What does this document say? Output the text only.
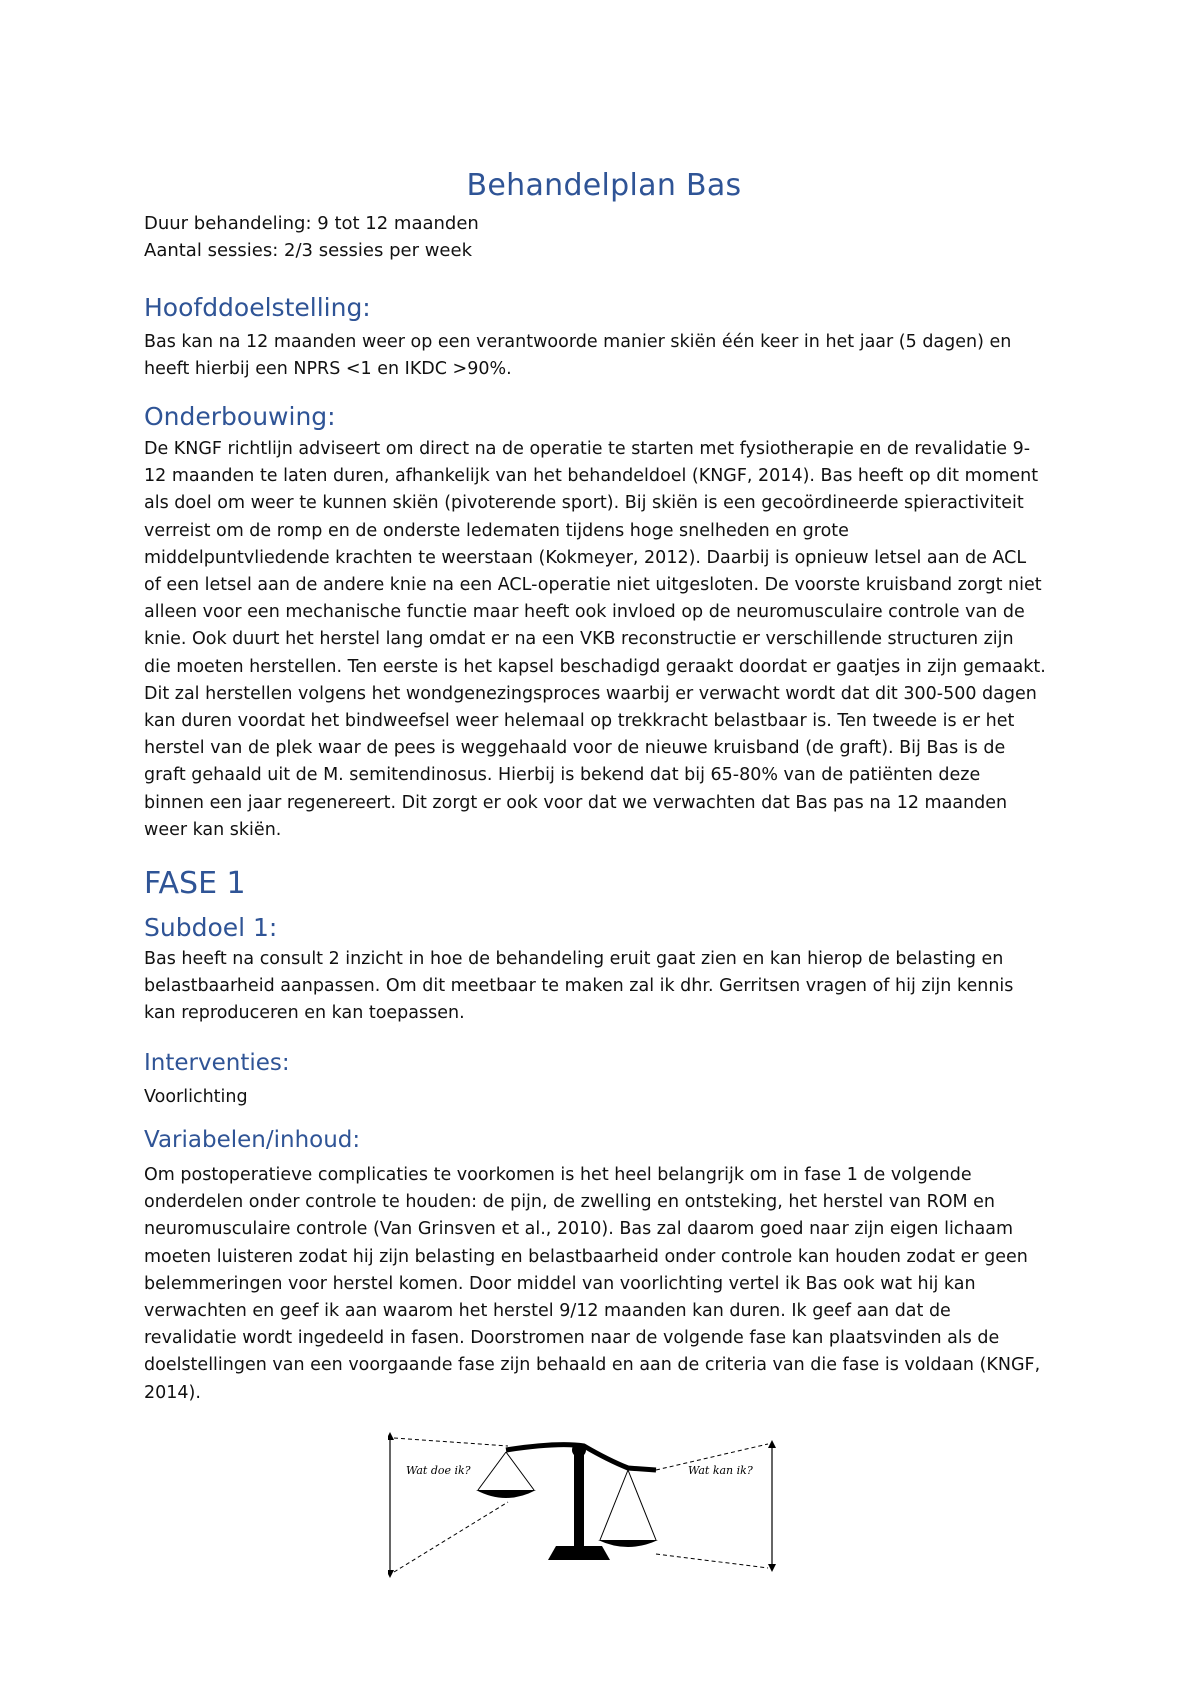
Behandelplan Bas
Duur behandeling: 9 tot 12 maanden
Aantal sessies: 2/3 sessies per week
Hoofddoelstelling:
Bas kan na 12 maanden weer op een verantwoorde manier skiën één keer in het jaar (5 dagen) en
heeft hierbij een NPRS <1 en IKDC >90%.
Onderbouwing:
De KNGF richtlijn adviseert om direct na de operatie te starten met fysiotherapie en de revalidatie 9-
12 maanden te laten duren, afhankelijk van het behandeldoel (KNGF, 2014). Bas heeft op dit moment
als doel om weer te kunnen skiën (pivoterende sport). Bij skiën is een gecoördineerde spieractiviteit
verreist om de romp en de onderste ledematen tijdens hoge snelheden en grote
middelpuntvliedende krachten te weerstaan (Kokmeyer, 2012). Daarbij is opnieuw letsel aan de ACL
of een letsel aan de andere knie na een ACL-operatie niet uitgesloten. De voorste kruisband zorgt niet
alleen voor een mechanische functie maar heeft ook invloed op de neuromusculaire controle van de
knie. Ook duurt het herstel lang omdat er na een VKB reconstructie er verschillende structuren zijn
die moeten herstellen. Ten eerste is het kapsel beschadigd geraakt doordat er gaatjes in zijn gemaakt.
Dit zal herstellen volgens het wondgenezingsproces waarbij er verwacht wordt dat dit 300-500 dagen
kan duren voordat het bindweefsel weer helemaal op trekkracht belastbaar is. Ten tweede is er het
herstel van de plek waar de pees is weggehaald voor de nieuwe kruisband (de graft). Bij Bas is de
graft gehaald uit de M. semitendinosus. Hierbij is bekend dat bij 65-80% van de patiënten deze
binnen een jaar regenereert. Dit zorgt er ook voor dat we verwachten dat Bas pas na 12 maanden
weer kan skiën.
FASE 1
Subdoel 1:
Bas heeft na consult 2 inzicht in hoe de behandeling eruit gaat zien en kan hierop de belasting en
belastbaarheid aanpassen. Om dit meetbaar te maken zal ik dhr. Gerritsen vragen of hij zijn kennis
kan reproduceren en kan toepassen.
Interventies:
Voorlichting
Variabelen/inhoud:
Om postoperatieve complicaties te voorkomen is het heel belangrijk om in fase 1 de volgende
onderdelen onder controle te houden: de pijn, de zwelling en ontsteking, het herstel van ROM en
neuromusculaire controle (Van Grinsven et al., 2010). Bas zal daarom goed naar zijn eigen lichaam
moeten luisteren zodat hij zijn belasting en belastbaarheid onder controle kan houden zodat er geen
belemmeringen voor herstel komen. Door middel van voorlichting vertel ik Bas ook wat hij kan
verwachten en geef ik aan waarom het herstel 9/12 maanden kan duren. Ik geef aan dat de
revalidatie wordt ingedeeld in fasen. Doorstromen naar de volgende fase kan plaatsvinden als de
doelstellingen van een voorgaande fase zijn behaald en aan de criteria van die fase is voldaan (KNGF,
2014).
Wat doe ik?	Wat kan ik?
